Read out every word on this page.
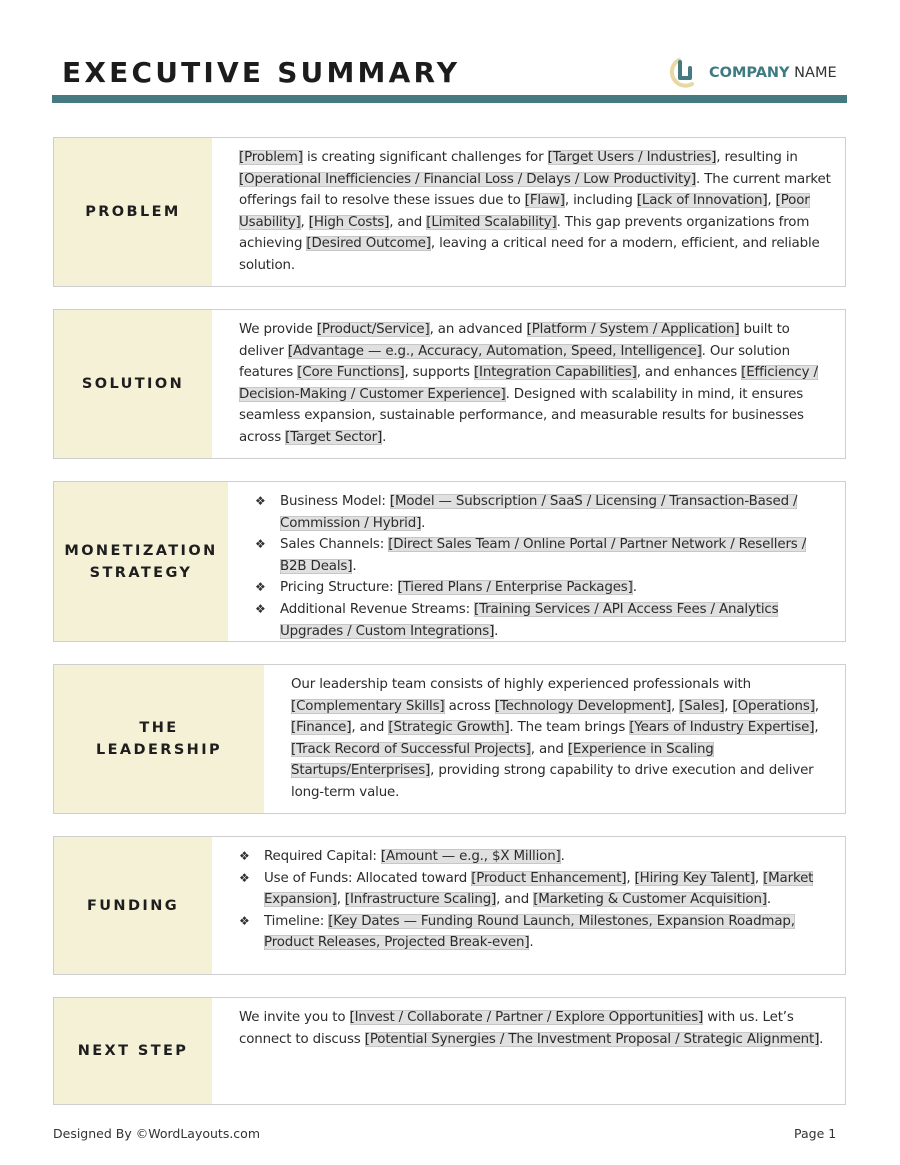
EXECUTIVE SUMMARY	COMPANY NAME
PROBLEM
[Problem] is creating significant challenges for [Target Users / Industries], resulting in [Operational Inefficiencies / Financial Loss / Delays / Low Productivity]. The current market offerings fail to resolve these issues due to [Flaw], including [Lack of Innovation], [Poor Usability], [High Costs], and [Limited Scalability]. This gap prevents organizations from achieving [Desired Outcome], leaving a critical need for a modern, efficient, and reliable solution.
SOLUTION
We provide [Product/Service], an advanced [Platform / System / Application] built to deliver [Advantage — e.g., Accuracy, Automation, Speed, Intelligence]. Our solution features [Core Functions], supports [Integration Capabilities], and enhances [Efficiency / Decision-Making / Customer Experience]. Designed with scalability in mind, it ensures seamless expansion, sustainable performance, and measurable results for businesses across [Target Sector].
MONETIZATION STRATEGY
❖ Business Model: [Model — Subscription / SaaS / Licensing / Transaction-Based / Commission / Hybrid].
❖ Sales Channels: [Direct Sales Team / Online Portal / Partner Network / Resellers / B2B Deals].
❖ Pricing Structure: [Tiered Plans / Enterprise Packages].
❖ Additional Revenue Streams: [Training Services / API Access Fees / Analytics Upgrades / Custom Integrations].
THE LEADERSHIP
Our leadership team consists of highly experienced professionals with [Complementary Skills] across [Technology Development], [Sales], [Operations], [Finance], and [Strategic Growth]. The team brings [Years of Industry Expertise], [Track Record of Successful Projects], and [Experience in Scaling Startups/Enterprises], providing strong capability to drive execution and deliver long-term value.
FUNDING
❖ Required Capital: [Amount — e.g., $X Million].
❖ Use of Funds: Allocated toward [Product Enhancement], [Hiring Key Talent], [Market Expansion], [Infrastructure Scaling], and [Marketing & Customer Acquisition].
❖ Timeline: [Key Dates — Funding Round Launch, Milestones, Expansion Roadmap, Product Releases, Projected Break-even].
NEXT STEP
We invite you to [Invest / Collaborate / Partner / Explore Opportunities] with us. Let’s connect to discuss [Potential Synergies / The Investment Proposal / Strategic Alignment].
Designed By ©WordLayouts.com	Page 1
